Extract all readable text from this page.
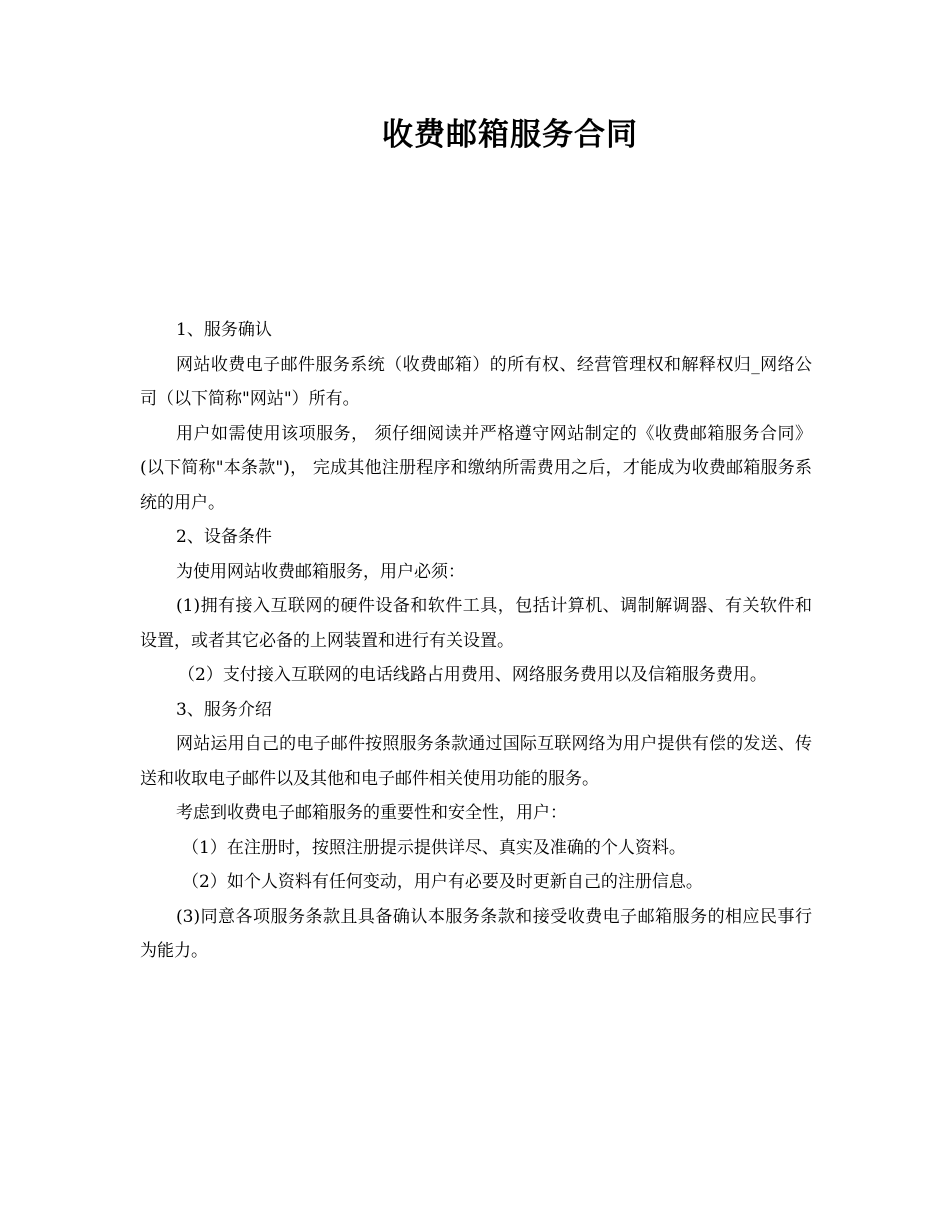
收费邮箱服务合同

1、服务确认

网站收费电子邮件服务系统（收费邮箱）的所有权、经营管理权和解释权归_网络公司（以下简称"网站"）所有。

用户如需使用该项服务， 须仔细阅读并严格遵守网站制定的《收费邮箱服务合同》(以下简称"本条款")， 完成其他注册程序和缴纳所需费用之后，才能成为收费邮箱服务系统的用户。

2、设备条件

为使用网站收费邮箱服务，用户必须：

(1)拥有接入互联网的硬件设备和软件工具，包括计算机、调制解调器、有关软件和设置，或者其它必备的上网装置和进行有关设置。

（2）支付接入互联网的电话线路占用费用、网络服务费用以及信箱服务费用。

3、服务介绍

网站运用自己的电子邮件按照服务条款通过国际互联网络为用户提供有偿的发送、传送和收取电子邮件以及其他和电子邮件相关使用功能的服务。

考虑到收费电子邮箱服务的重要性和安全性，用户：

（1）在注册时，按照注册提示提供详尽、真实及准确的个人资料。

（2）如个人资料有任何变动，用户有必要及时更新自己的注册信息。

(3)同意各项服务条款且具备确认本服务条款和接受收费电子邮箱服务的相应民事行为能力。
